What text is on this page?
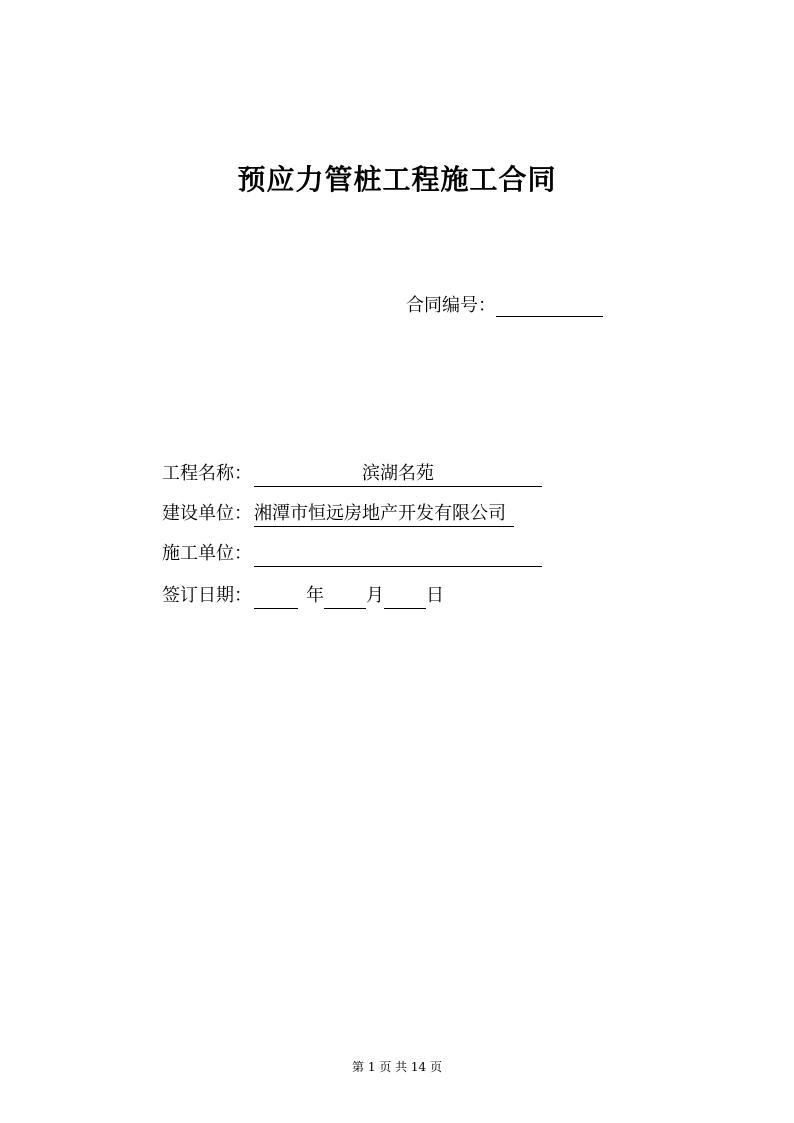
预应力管桩工程施工合同
合同编号：
工程名称：	滨湖名苑
建设单位： 湘潭市恒远房地产开发有限公司
施工单位：
签订日期：	年 月 日
第 1 页 共 14 页
